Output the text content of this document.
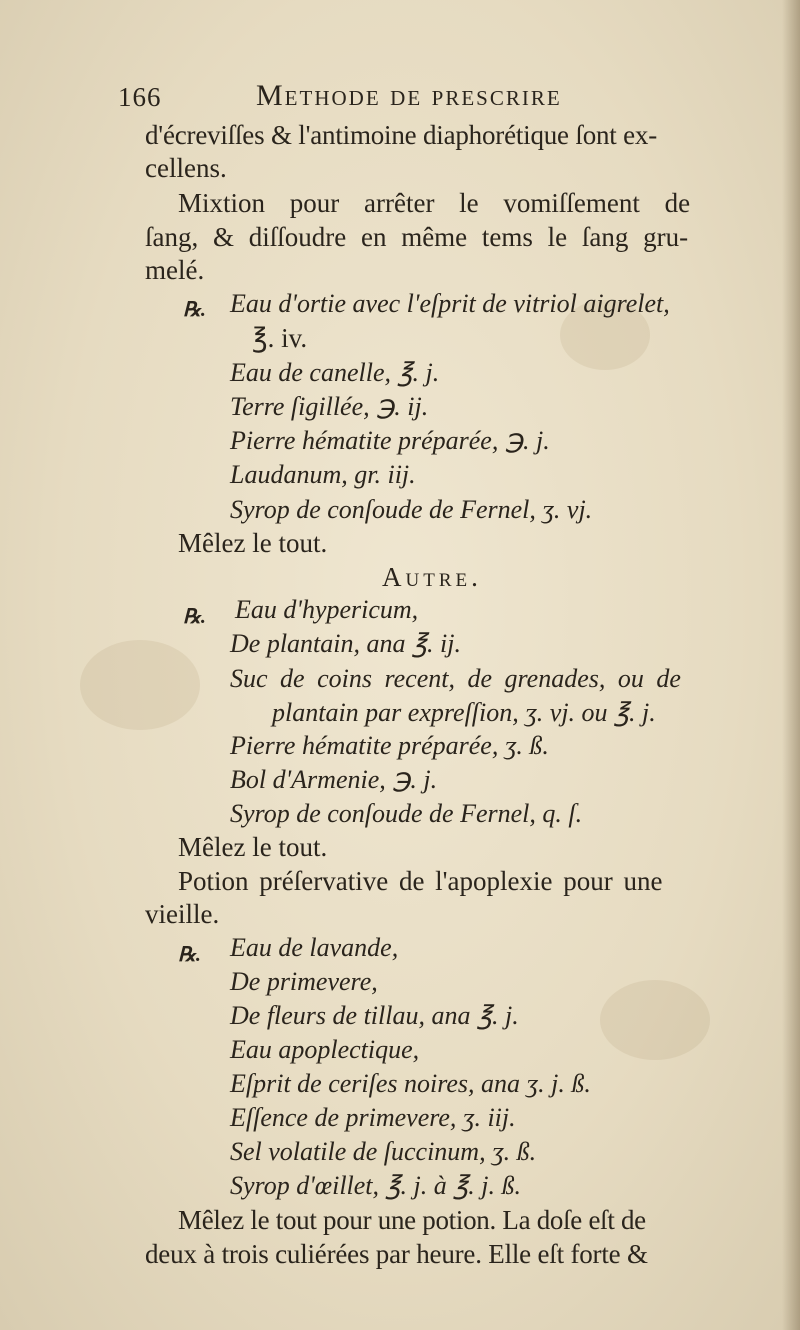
166	Methode de prescrire
d'écreviſſes & l'antimoine diaphorétique ſont ex-
cellens.
Mixtion pour arrêter le vomiſſement de
ſang, & diſſoudre en même tems le ſang gru-
melé.
℞. Eau d'ortie avec l'eſprit de vitriol aigrelet,
℥. iv.
Eau de canelle, ℥. j.
Terre ſigillée, ℈. ij.
Pierre hématite préparée, ℈. j.
Laudanum, gr. iij.
Syrop de conſoude de Fernel, ʒ. vj.
Mêlez le tout.
Autre.
℞. Eau d'hypericum,
De plantain, ana ℥. ij.
Suc de coins recent, de grenades, ou de
plantain par expreſſion, ʒ. vj. ou ℥. j.
Pierre hématite préparée, ʒ. ß.
Bol d'Armenie, ℈. j.
Syrop de conſoude de Fernel, q. ſ.
Mêlez le tout.
Potion préſervative de l'apoplexie pour une
vieille.
℞. Eau de lavande,
De primevere,
De fleurs de tillau, ana ℥. j.
Eau apoplectique,
Eſprit de ceriſes noires, ana ʒ. j. ß.
Eſſence de primevere, ʒ. iij.
Sel volatile de ſuccinum, ʒ. ß.
Syrop d'œillet, ℥. j. à ℥. j. ß.
Mêlez le tout pour une potion. La doſe eſt de
deux à trois culiérées par heure. Elle eſt forte &
